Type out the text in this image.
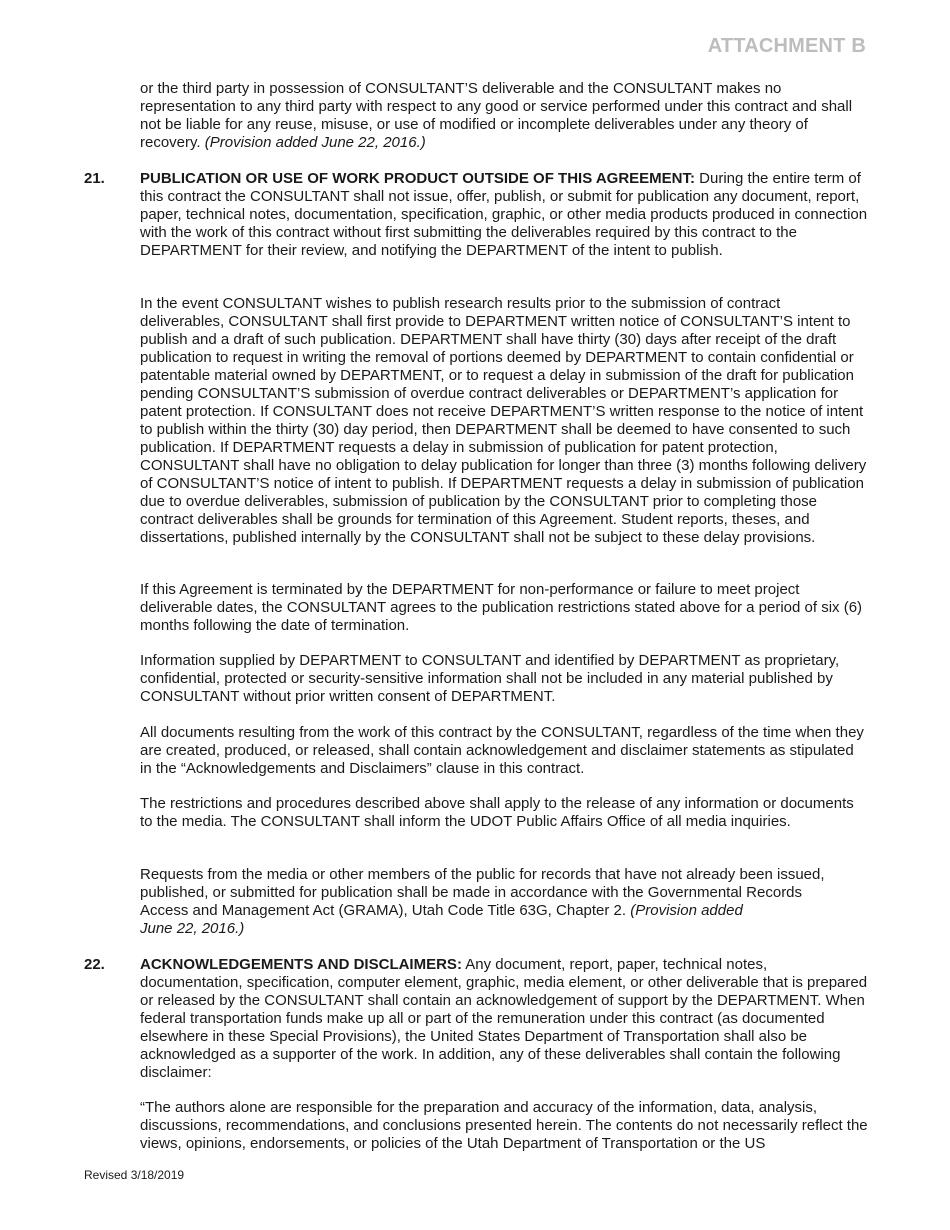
ATTACHMENT B

or the third party in possession of CONSULTANT’S deliverable and the CONSULTANT makes no representation to any third party with respect to any good or service performed under this contract and shall not be liable for any reuse, misuse, or use of modified or incomplete deliverables under any theory of recovery. (Provision added June 22, 2016.)

21. PUBLICATION OR USE OF WORK PRODUCT OUTSIDE OF THIS AGREEMENT: During the entire term of this contract the CONSULTANT shall not issue, offer, publish, or submit for publication any document, report, paper, technical notes, documentation, specification, graphic, or other media products produced in connection with the work of this contract without first submitting the deliverables required by this contract to the DEPARTMENT for their review, and notifying the DEPARTMENT of the intent to publish.

In the event CONSULTANT wishes to publish research results prior to the submission of contract deliverables, CONSULTANT shall first provide to DEPARTMENT written notice of CONSULTANT’S intent to publish and a draft of such publication. DEPARTMENT shall have thirty (30) days after receipt of the draft publication to request in writing the removal of portions deemed by DEPARTMENT to contain confidential or patentable material owned by DEPARTMENT, or to request a delay in submission of the draft for publication pending CONSULTANT’S submission of overdue contract deliverables or DEPARTMENT’s application for patent protection. If CONSULTANT does not receive DEPARTMENT’S written response to the notice of intent to publish within the thirty (30) day period, then DEPARTMENT shall be deemed to have consented to such publication. If DEPARTMENT requests a delay in submission of publication for patent protection, CONSULTANT shall have no obligation to delay publication for longer than three (3) months following delivery of CONSULTANT’S notice of intent to publish. If DEPARTMENT requests a delay in submission of publication due to overdue deliverables, submission of publication by the CONSULTANT prior to completing those contract deliverables shall be grounds for termination of this Agreement. Student reports, theses, and dissertations, published internally by the CONSULTANT shall not be subject to these delay provisions.

If this Agreement is terminated by the DEPARTMENT for non-performance or failure to meet project deliverable dates, the CONSULTANT agrees to the publication restrictions stated above for a period of six (6) months following the date of termination.

Information supplied by DEPARTMENT to CONSULTANT and identified by DEPARTMENT as proprietary, confidential, protected or security-sensitive information shall not be included in any material published by CONSULTANT without prior written consent of DEPARTMENT.

All documents resulting from the work of this contract by the CONSULTANT, regardless of the time when they are created, produced, or released, shall contain acknowledgement and disclaimer statements as stipulated in the “Acknowledgements and Disclaimers” clause in this contract.

The restrictions and procedures described above shall apply to the release of any information or documents to the media. The CONSULTANT shall inform the UDOT Public Affairs Office of all media inquiries.

Requests from the media or other members of the public for records that have not already been issued,
published, or submitted for publication shall be made in accordance with the Governmental Records
Access and Management Act (GRAMA), Utah Code Title 63G, Chapter 2. (Provision added
June 22, 2016.)
22. ACKNOWLEDGEMENTS AND DISCLAIMERS: Any document, report, paper, technical notes, documentation, specification, computer element, graphic, media element, or other deliverable that is prepared or released by the CONSULTANT shall contain an acknowledgement of support by the DEPARTMENT. When federal transportation funds make up all or part of the remuneration under this contract (as documented elsewhere in these Special Provisions), the United States Department of Transportation shall also be acknowledged as a supporter of the work. In addition, any of these deliverables shall contain the following disclaimer:

“The authors alone are responsible for the preparation and accuracy of the information, data, analysis, discussions, recommendations, and conclusions presented herein. The contents do not necessarily reflect the views, opinions, endorsements, or policies of the Utah Department of Transportation or the US

Revised 3/18/2019
